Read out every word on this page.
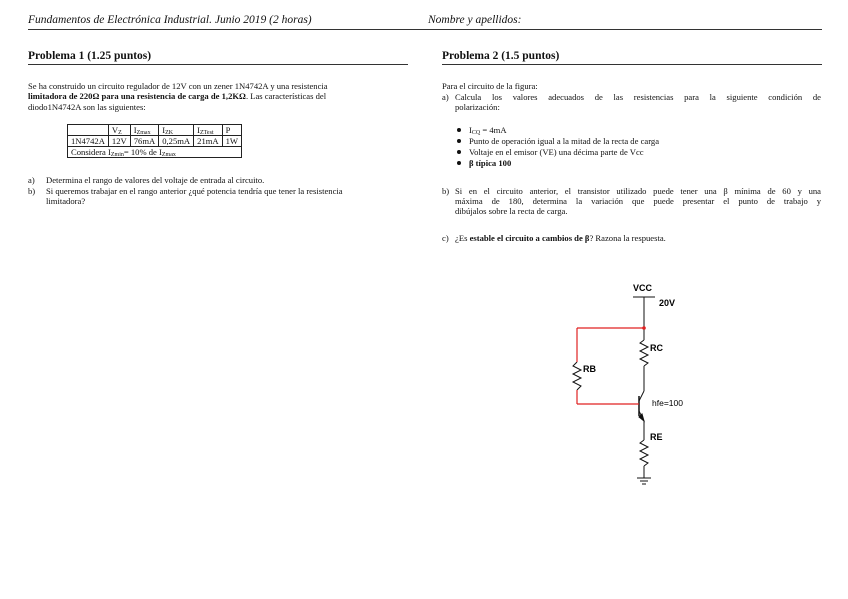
Fundamentos de Electrónica Industrial. Junio 2019 (2 horas)	Nombre y apellidos:
Problema 1 (1.25 puntos)
Se ha construido un circuito regulador de 12V con un zener 1N4742A y una resistencia
limitadora de 220Ω para una resistencia de carga de 1,2KΩ. Las características del
diodo1N4742A son las siguientes:
	$V_Z$	$I_{Zmax}$	$I_{ZK}$	$I_{ZTest}$	P
1N4742A	12V	76mA	0,25mA	21mA	1W
Considera $I_{Zmin}= 10\%$ de $I_{Zmax}$
a) Determina el rango de valores del voltaje de entrada al circuito.
b) Si queremos trabajar en el rango anterior ¿qué potencia tendría que tener la resistencia
limitadora?
Problema 2 (1.5 puntos)
Para el circuito de la figura:
a) Calcula los valores adecuados de las resistencias para la siguiente condición de
polarización:
$I_{CQ} = 4mA$
Punto de operación igual a la mitad de la recta de carga
Voltaje en el emisor (VE) una décima parte de Vcc
β típica 100
b) Si en el circuito anterior, el transistor utilizado puede tener una β mínima de 60 y una
máxima de 180, determina la variación que puede presentar el punto de trabajo y
dibújalos sobre la recta de carga.
c) ¿Es estable el circuito a cambios de β? Razona la respuesta.
VCC
20V
RC
RB
hfe=100
RE
